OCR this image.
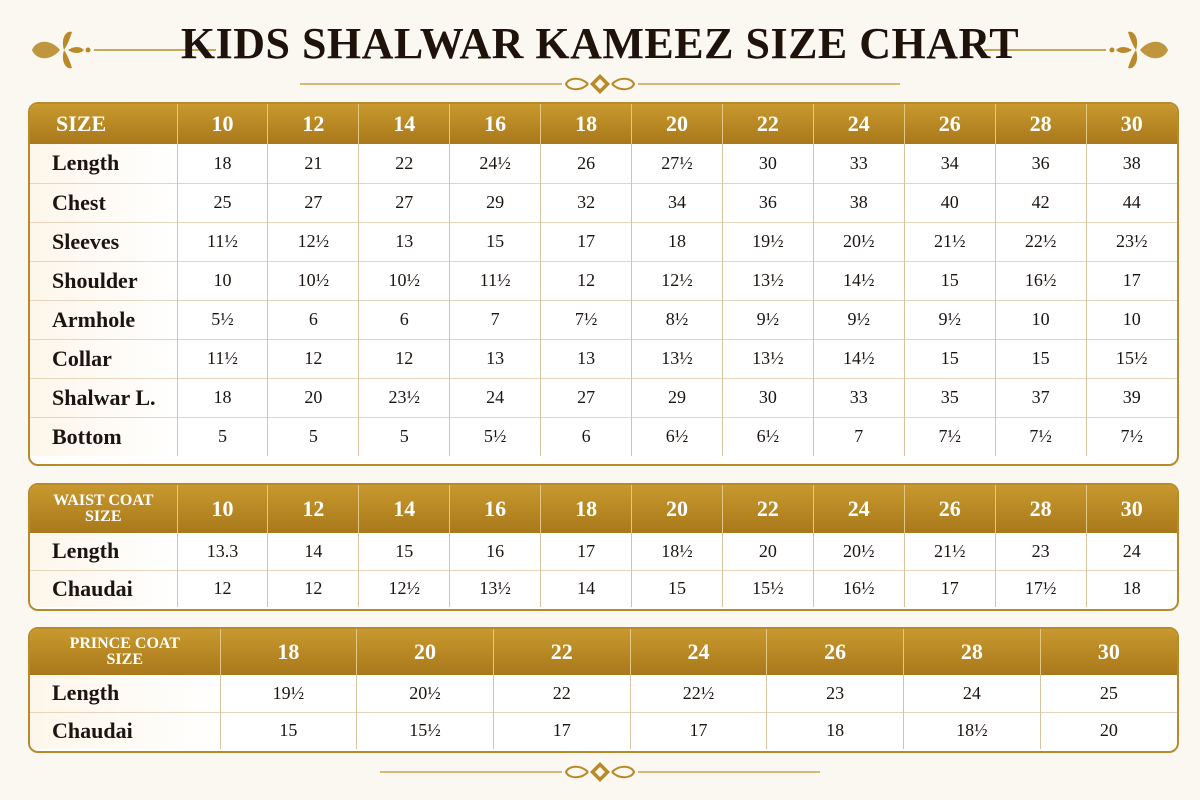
KIDS SHALWAR KAMEEZ SIZE CHART
SIZE	10	12	14	16	18	20	22	24	26	28	30
Length	18	21	22	24½	26	27½	30	33	34	36	38
Chest	25	27	27	29	32	34	36	38	40	42	44
Sleeves	11½	12½	13	15	17	18	19½	20½	21½	22½	23½
Shoulder	10	10½	10½	11½	12	12½	13½	14½	15	16½	17
Armhole	5½	6	6	7	7½	8½	9½	9½	9½	10	10
Collar	11½	12	12	13	13	13½	13½	14½	15	15	15½
Shalwar L.	18	20	23½	24	27	29	30	33	35	37	39
Bottom	5	5	5	5½	6	6½	6½	7	7½	7½	7½
WAIST COAT
SIZE	10	12	14	16	18	20	22	24	26	28	30
Length	13.3	14	15	16	17	18½	20	20½	21½	23	24
Chaudai	12	12	12½	13½	14	15	15½	16½	17	17½	18
PRINCE COAT
SIZE	18	20	22	24	26	28	30
Length	19½	20½	22	22½	23	24	25
Chaudai	15	15½	17	17	18	18½	20
